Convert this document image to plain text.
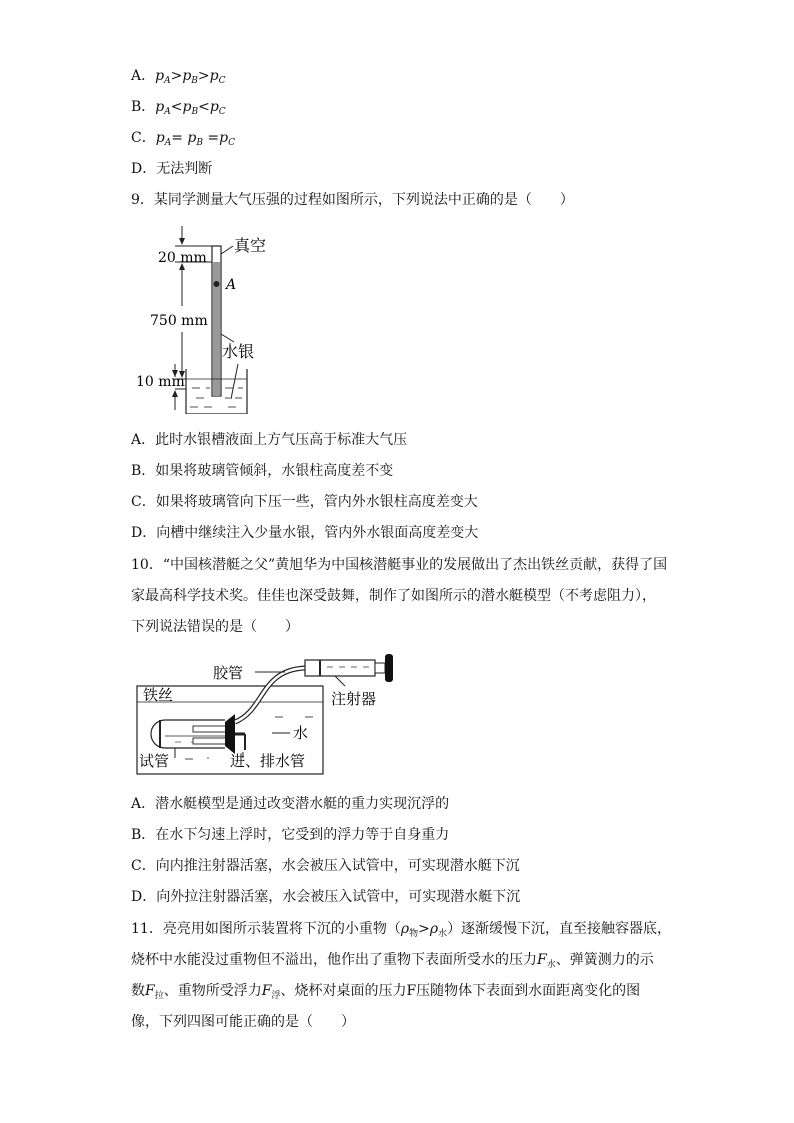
A．$p_A>p_B>p_C$
B．$p_A<p_B<p_C$
C．$p_A= p_B =p_C$
D．无法判断
9．某同学测量大气压强的过程如图所示，下列说法中正确的是（　　）
A
真空
水银
20 mm
750 mm
10 mm
A．此时水银槽液面上方气压高于标准大气压
B．如果将玻璃管倾斜，水银柱高度差不变
C．如果将玻璃管向下压一些，管内外水银柱高度差变大
D．向槽中继续注入少量水银，管内外水银面高度差变大
10．“中国核潜艇之父”黄旭华为中国核潜艇事业的发展做出了杰出铁丝贡献，获得了国
家最高科学技术奖。佳佳也深受鼓舞，制作了如图所示的潜水艇模型（不考虑阻力），
下列说法错误的是（　　）
胶管
注射器
铁丝
水
试管	进、排水管
A．潜水艇模型是通过改变潜水艇的重力实现沉浮的
B．在水下匀速上浮时，它受到的浮力等于自身重力
C．向内推注射器活塞，水会被压入试管中，可实现潜水艇下沉
D．向外拉注射器活塞，水会被压入试管中，可实现潜水艇下沉
11．亮亮用如图所示装置将下沉的小重物$(\rho_物>\rho_水)$逐渐缓慢下沉，直至接触容器底，
烧杯中水能没过重物但不溢出，他作出了重物下表面所受水的压力$F_水$、弹簧测力的示
数$F_拉$、重物所受浮力$F_浮$、烧杯对桌面的压力F压随物体下表面到水面距离变化的图
像，下列四图可能正确的是（　　）
